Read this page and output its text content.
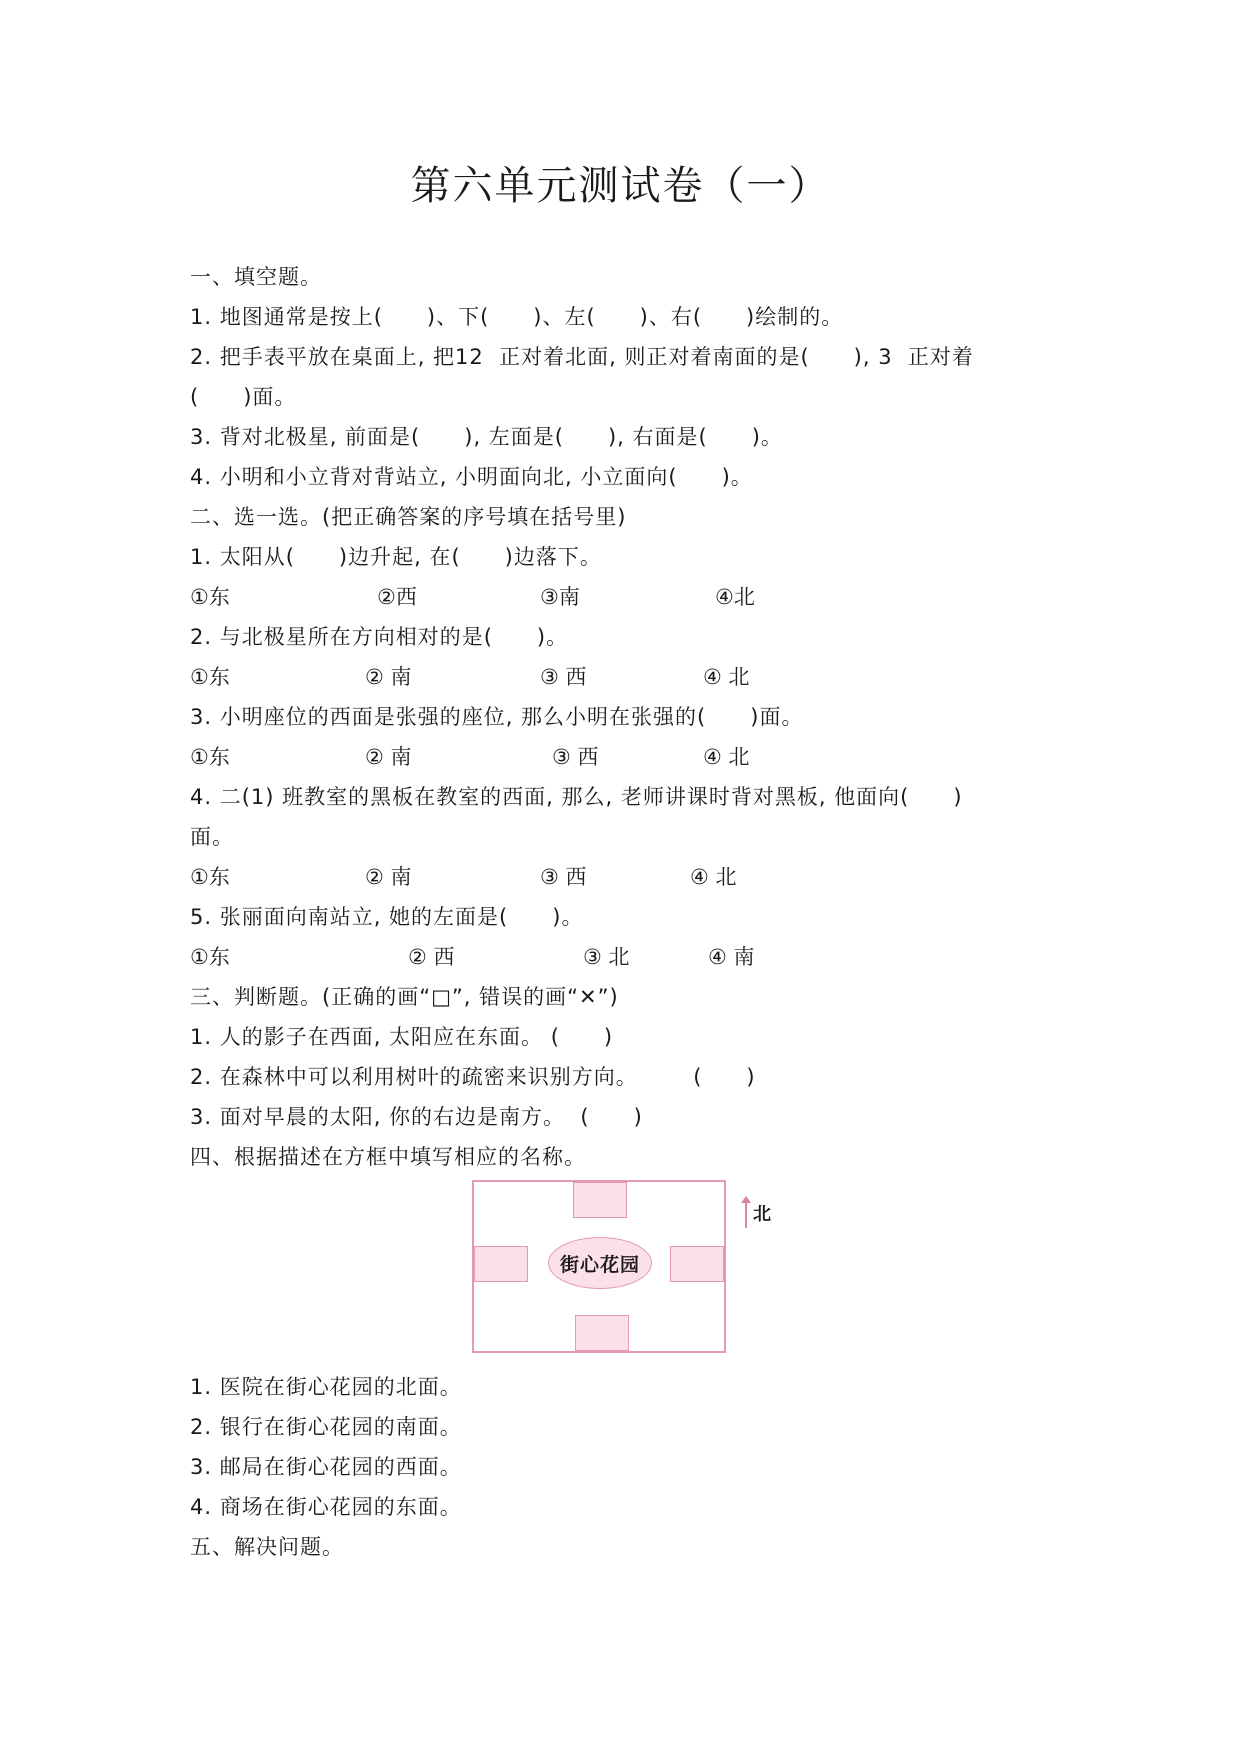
第六单元测试卷（一）
一、填空题。
1. 地图通常是按上(　　)、下(　　)、左(　　)、右(　　)绘制的。
2. 把手表平放在桌面上, 把12  正对着北面, 则正对着南面的是(　　), 3  正对着
(　　)面。
3. 背对北极星, 前面是(　　), 左面是(　　), 右面是(　　)。
4. 小明和小立背对背站立, 小明面向北, 小立面向(　　)。
二、选一选。(把正确答案的序号填在括号里)
1. 太阳从(　　)边升起, 在(　　)边落下。
①东	②西	③南	④北
2. 与北极星所在方向相对的是(　　)。
①东	② 南	③ 西	④ 北
3. 小明座位的西面是张强的座位, 那么小明在张强的(　　)面。
①东	② 南	③ 西	④ 北
4. 二(1) 班教室的黑板在教室的西面, 那么, 老师讲课时背对黑板, 他面向(　　)
面。
①东	② 南	③ 西	④ 北
5. 张丽面向南站立, 她的左面是(　　)。
①东	② 西	③ 北	④ 南
三、判断题。(正确的画“□”, 错误的画“✕”)
1. 人的影子在西面, 太阳应在东面。 (　　)
2. 在森林中可以利用树叶的疏密来识别方向。　　　(　　)
3. 面对早晨的太阳, 你的右边是南方。  (　　)
四、根据描述在方框中填写相应的名称。
街心花园
北
1. 医院在街心花园的北面。
2. 银行在街心花园的南面。
3. 邮局在街心花园的西面。
4. 商场在街心花园的东面。
五、解决问题。
